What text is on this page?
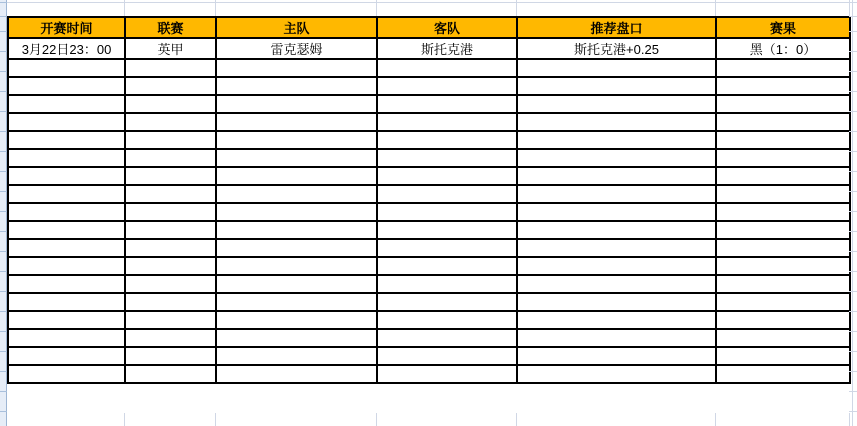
开赛时间	联赛	主队	客队	推荐盘口	赛果
3月22日23：00	英甲	雷克瑟姆	斯托克港	斯托克港+0.25	黑（1：0）
